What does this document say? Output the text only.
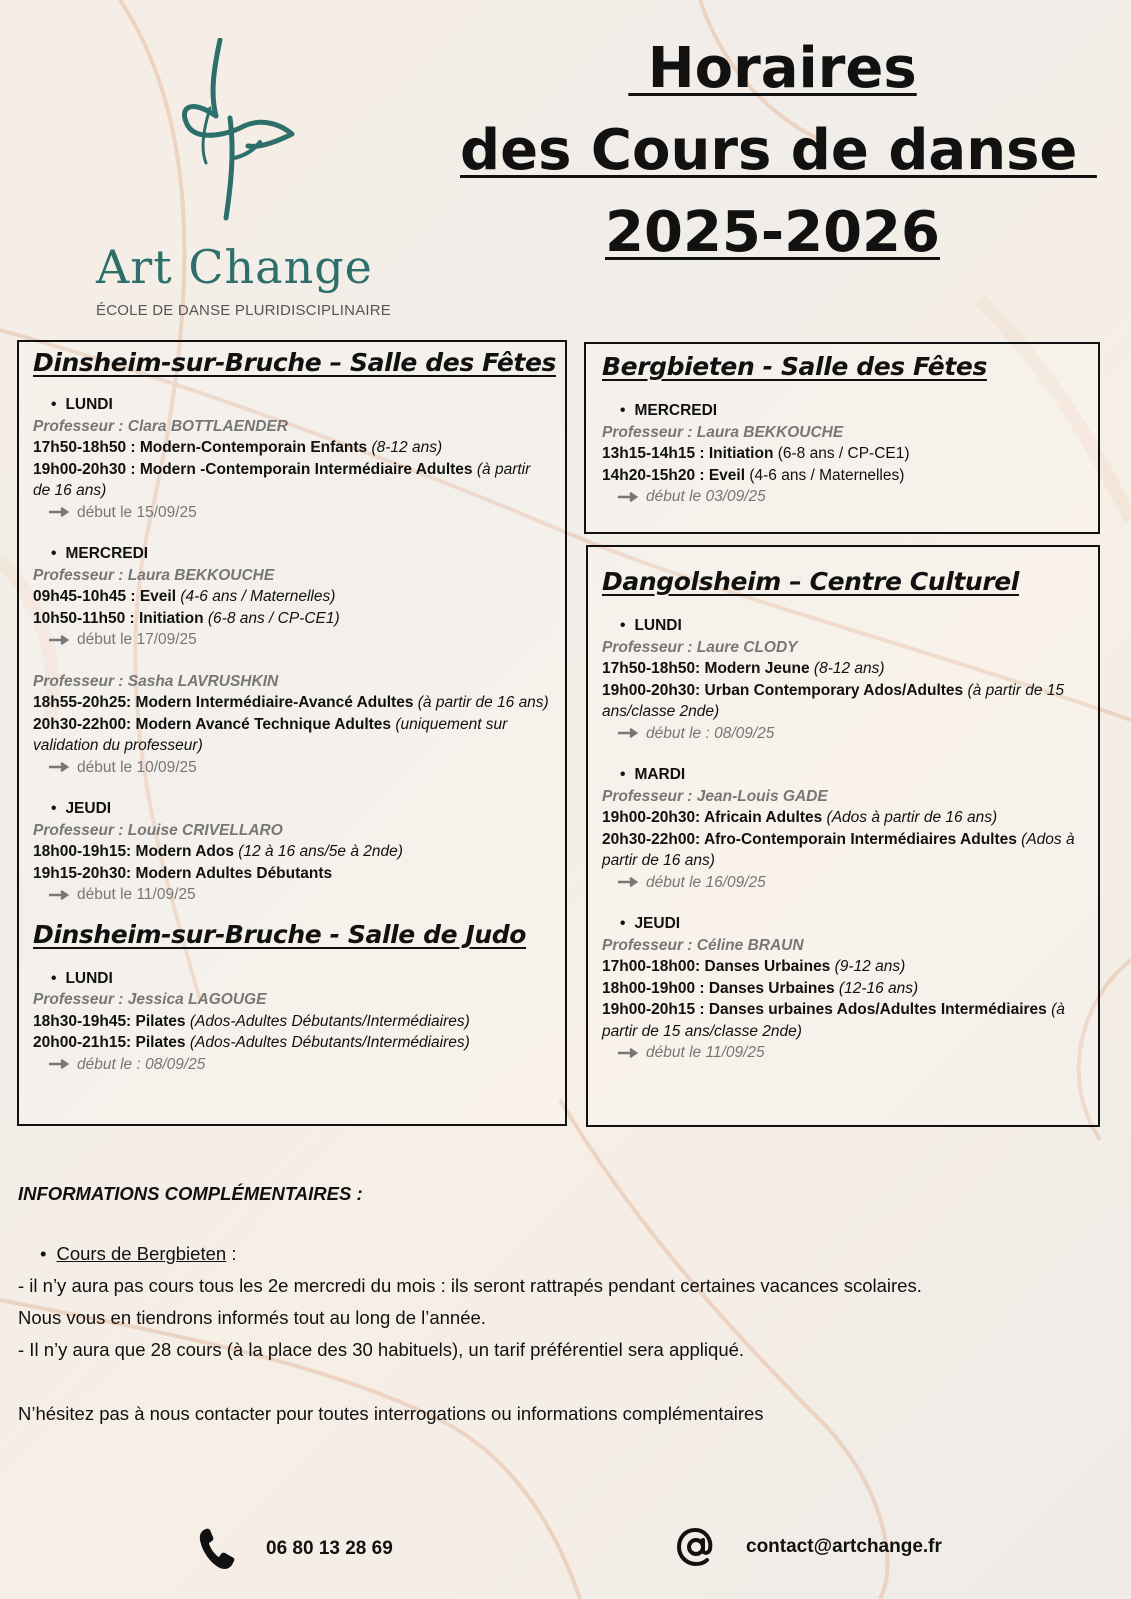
Art Change
ÉCOLE DE DANSE PLURIDISCIPLINAIRE
Horaires
des Cours de danse
2025-2026
Dinsheim-sur-Bruche – Salle des Fêtes
• LUNDI
Professeur : Clara BOTTLAENDER
17h50-18h50 : Modern-Contemporain Enfants (8-12 ans)
19h00-20h30 : Modern -Contemporain Intermédiaire Adultes (à partir de 16 ans)
début le 15/09/25
• MERCREDI
Professeur : Laura BEKKOUCHE
09h45-10h45 : Eveil (4-6 ans / Maternelles)
10h50-11h50 : Initiation (6-8 ans / CP-CE1)
début le 17/09/25
Professeur : Sasha LAVRUSHKIN
18h55-20h25: Modern Intermédiaire-Avancé Adultes (à partir de 16 ans)
20h30-22h00: Modern Avancé Technique Adultes (uniquement sur validation du professeur)
début le 10/09/25
• JEUDI
Professeur : Louise CRIVELLARO
18h00-19h15: Modern Ados (12 à 16 ans/5e à 2nde)
19h15-20h30: Modern Adultes Débutants
début le 11/09/25
Dinsheim-sur-Bruche - Salle de Judo
• LUNDI
Professeur : Jessica LAGOUGE
18h30-19h45: Pilates (Ados-Adultes Débutants/Intermédiaires)
20h00-21h15: Pilates (Ados-Adultes Débutants/Intermédiaires)
début le : 08/09/25
Bergbieten - Salle des Fêtes
• MERCREDI
Professeur : Laura BEKKOUCHE
13h15-14h15 : Initiation (6-8 ans / CP-CE1)
14h20-15h20 : Eveil (4-6 ans / Maternelles)
début le 03/09/25
Dangolsheim – Centre Culturel
• LUNDI
Professeur : Laure CLODY
17h50-18h50: Modern Jeune (8-12 ans)
19h00-20h30: Urban Contemporary Ados/Adultes (à partir de 15 ans/classe 2nde)
début le : 08/09/25
• MARDI
Professeur : Jean-Louis GADE
19h00-20h30: Africain Adultes (Ados à partir de 16 ans)
20h30-22h00: Afro-Contemporain Intermédiaires Adultes (Ados à partir de 16 ans)
début le 16/09/25
• JEUDI
Professeur : Céline BRAUN
17h00-18h00: Danses Urbaines (9-12 ans)
18h00-19h00 : Danses Urbaines (12-16 ans)
19h00-20h15 : Danses urbaines Ados/Adultes Intermédiaires (à partir de 15 ans/classe 2nde)
début le 11/09/25
INFORMATIONS COMPLÉMENTAIRES :
• Cours de Bergbieten :
- il n’y aura pas cours tous les 2e mercredi du mois : ils seront rattrapés pendant certaines vacances scolaires.
Nous vous en tiendrons informés tout au long de l’année.
- Il n’y aura que 28 cours (à la place des 30 habituels), un tarif préférentiel sera appliqué.
N’hésitez pas à nous contacter pour toutes interrogations ou informations complémentaires
06 80 13 28 69	contact@artchange.fr
